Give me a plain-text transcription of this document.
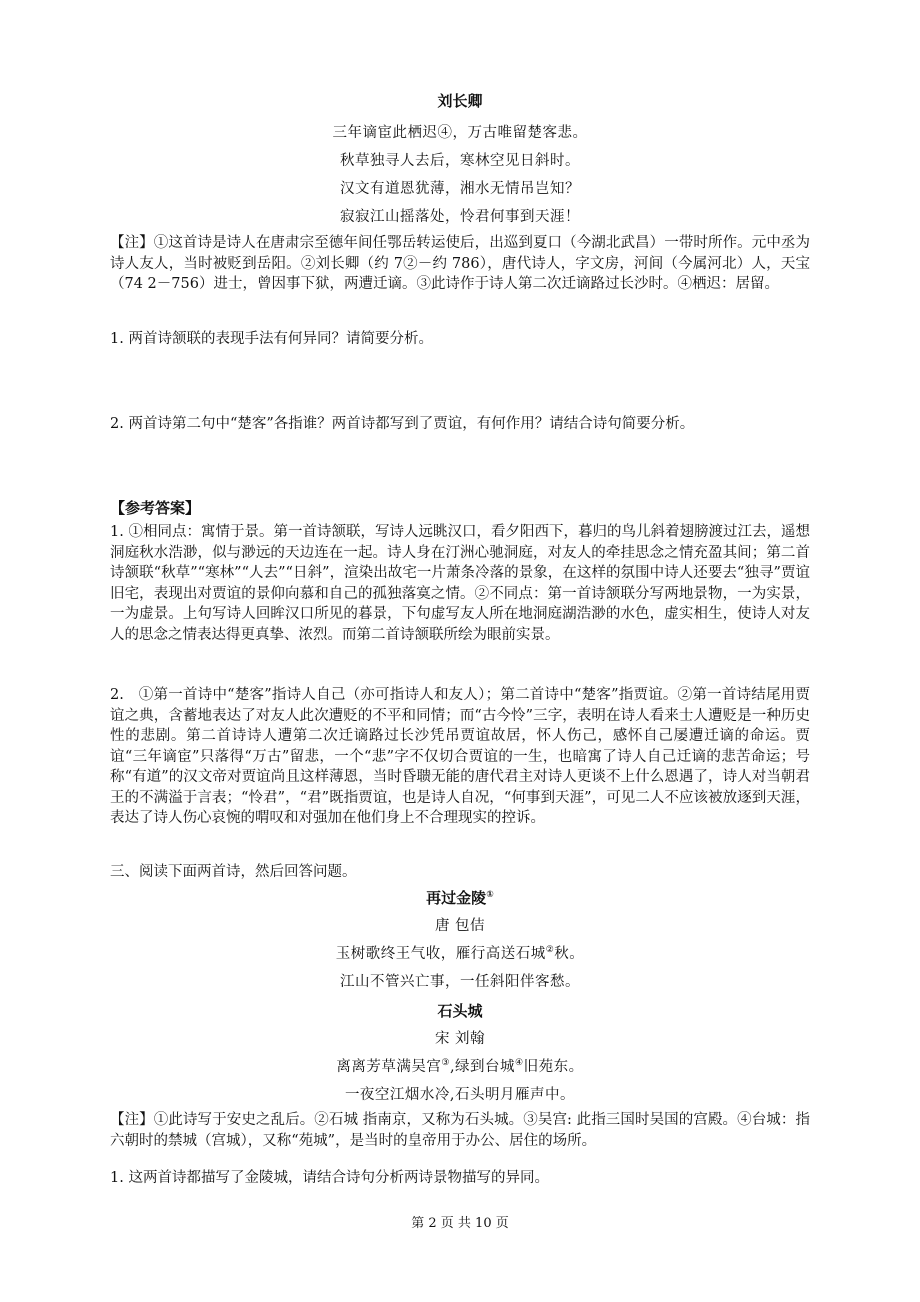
刘长卿
三年谪宦此栖迟④，万古唯留楚客悲。
秋草独寻人去后，寒林空见日斜时。
汉文有道恩犹薄，湘水无情吊岂知？
寂寂江山摇落处，怜君何事到天涯！

【注】①这首诗是诗人在唐肃宗至德年间任鄂岳转运使后，出巡到夏口（今湖北武昌）一带时所作。元中丞为诗人友人，当时被贬到岳阳。②刘长卿（约 7②－约 786），唐代诗人，字文房，河间（今属河北）人，天宝（74 2－756）进士，曾因事下狱，两遭迁谪。③此诗作于诗人第二次迁谪路过长沙时。④栖迟：居留。

1. 两首诗颔联的表现手法有何异同？请简要分析。
2. 两首诗第二句中“楚客”各指谁？两首诗都写到了贾谊，有何作用？请结合诗句简要分析。
【参考答案】

1. ①相同点：寓情于景。第一首诗颔联，写诗人远眺汉口，看夕阳西下，暮归的鸟儿斜着翅膀渡过江去，遥想洞庭秋水浩渺，似与渺远的天边连在一起。诗人身在汀洲心驰洞庭，对友人的牵挂思念之情充盈其间；第二首诗颔联“秋草”“寒林”“人去”“日斜”，渲染出故宅一片萧条冷落的景象，在这样的氛围中诗人还要去“独寻”贾谊旧宅，表现出对贾谊的景仰向慕和自己的孤独落寞之情。②不同点：第一首诗颔联分写两地景物，一为实景，一为虚景。上句写诗人回眸汉口所见的暮景，下句虚写友人所在地洞庭湖浩渺的水色，虚实相生，使诗人对友人的思念之情表达得更真挚、浓烈。而第二首诗颔联所绘为眼前实景。

2.　①第一首诗中“楚客”指诗人自己（亦可指诗人和友人）；第二首诗中“楚客”指贾谊。②第一首诗结尾用贾谊之典，含蓄地表达了对友人此次遭贬的不平和同情；而“古今怜”三字，表明在诗人看来士人遭贬是一种历史性的悲剧。第二首诗诗人遭第二次迁谪路过长沙凭吊贾谊故居，怀人伤己，感怀自己屡遭迁谪的命运。贾谊“三年谪宦”只落得“万古”留悲，一个“悲”字不仅切合贾谊的一生，也暗寓了诗人自己迁谪的悲苦命运；号称“有道”的汉文帝对贾谊尚且这样薄恩，当时昏聩无能的唐代君主对诗人更谈不上什么恩遇了，诗人对当朝君王的不满溢于言表；“怜君”，“君”既指贾谊，也是诗人自况，“何事到天涯”，可见二人不应该被放逐到天涯，表达了诗人伤心哀惋的喟叹和对强加在他们身上不合理现实的控诉。

三、阅读下面两首诗，然后回答问题。
再过金陵①
唐 包佶
玉树歌终王气收，雁行高送石城②秋。
江山不管兴亡事，一任斜阳伴客愁。
石头城
宋 刘翰
离离芳草满吴宫③,绿到台城④旧苑东。
一夜空江烟水冷,石头明月雁声中。

【注】①此诗写于安史之乱后。②石城 指南京，又称为石头城。③吴宫: 此指三国时吴国的宫殿。④台城：指六朝时的禁城（宫城），又称“苑城”，是当时的皇帝用于办公、居住的场所。

1. 这两首诗都描写了金陵城，请结合诗句分析两诗景物描写的异同。
第 2 页 共 10 页
